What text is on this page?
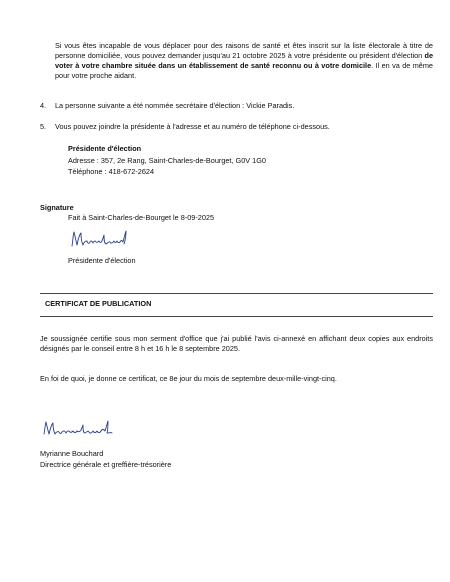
Si vous êtes incapable de vous déplacer pour des raisons de santé et êtes inscrit sur la liste électorale à titre de personne domiciliée, vous pouvez demander jusqu'au 21 octobre 2025 à votre présidente ou président d'élection de voter à votre chambre située dans un établissement de santé reconnu ou à votre domicile. Il en va de même pour votre proche aidant.
4.	La personne suivante a été nommée secrétaire d'élection : Vickie Paradis.
5.	Vous pouvez joindre la présidente à l'adresse et au numéro de téléphone ci-dessous.
Présidente d'élection
Adresse : 357, 2e Rang, Saint-Charles-de-Bourget, G0V 1G0
Téléphone : 418-672-2624
Signature
Fait à Saint-Charles-de-Bourget le 8-09-2025
Présidente d'élection
CERTIFICAT DE PUBLICATION
Je soussignée certifie sous mon serment d'office que j'ai publié l'avis ci-annexé en affichant deux copies aux endroits désignés par le conseil entre 8 h et 16 h le 8 septembre 2025.
En foi de quoi, je donne ce certificat, ce 8e jour du mois de septembre deux-mille-vingt-cinq.
Myrianne Bouchard
Directrice générale et greffière-trésorière
